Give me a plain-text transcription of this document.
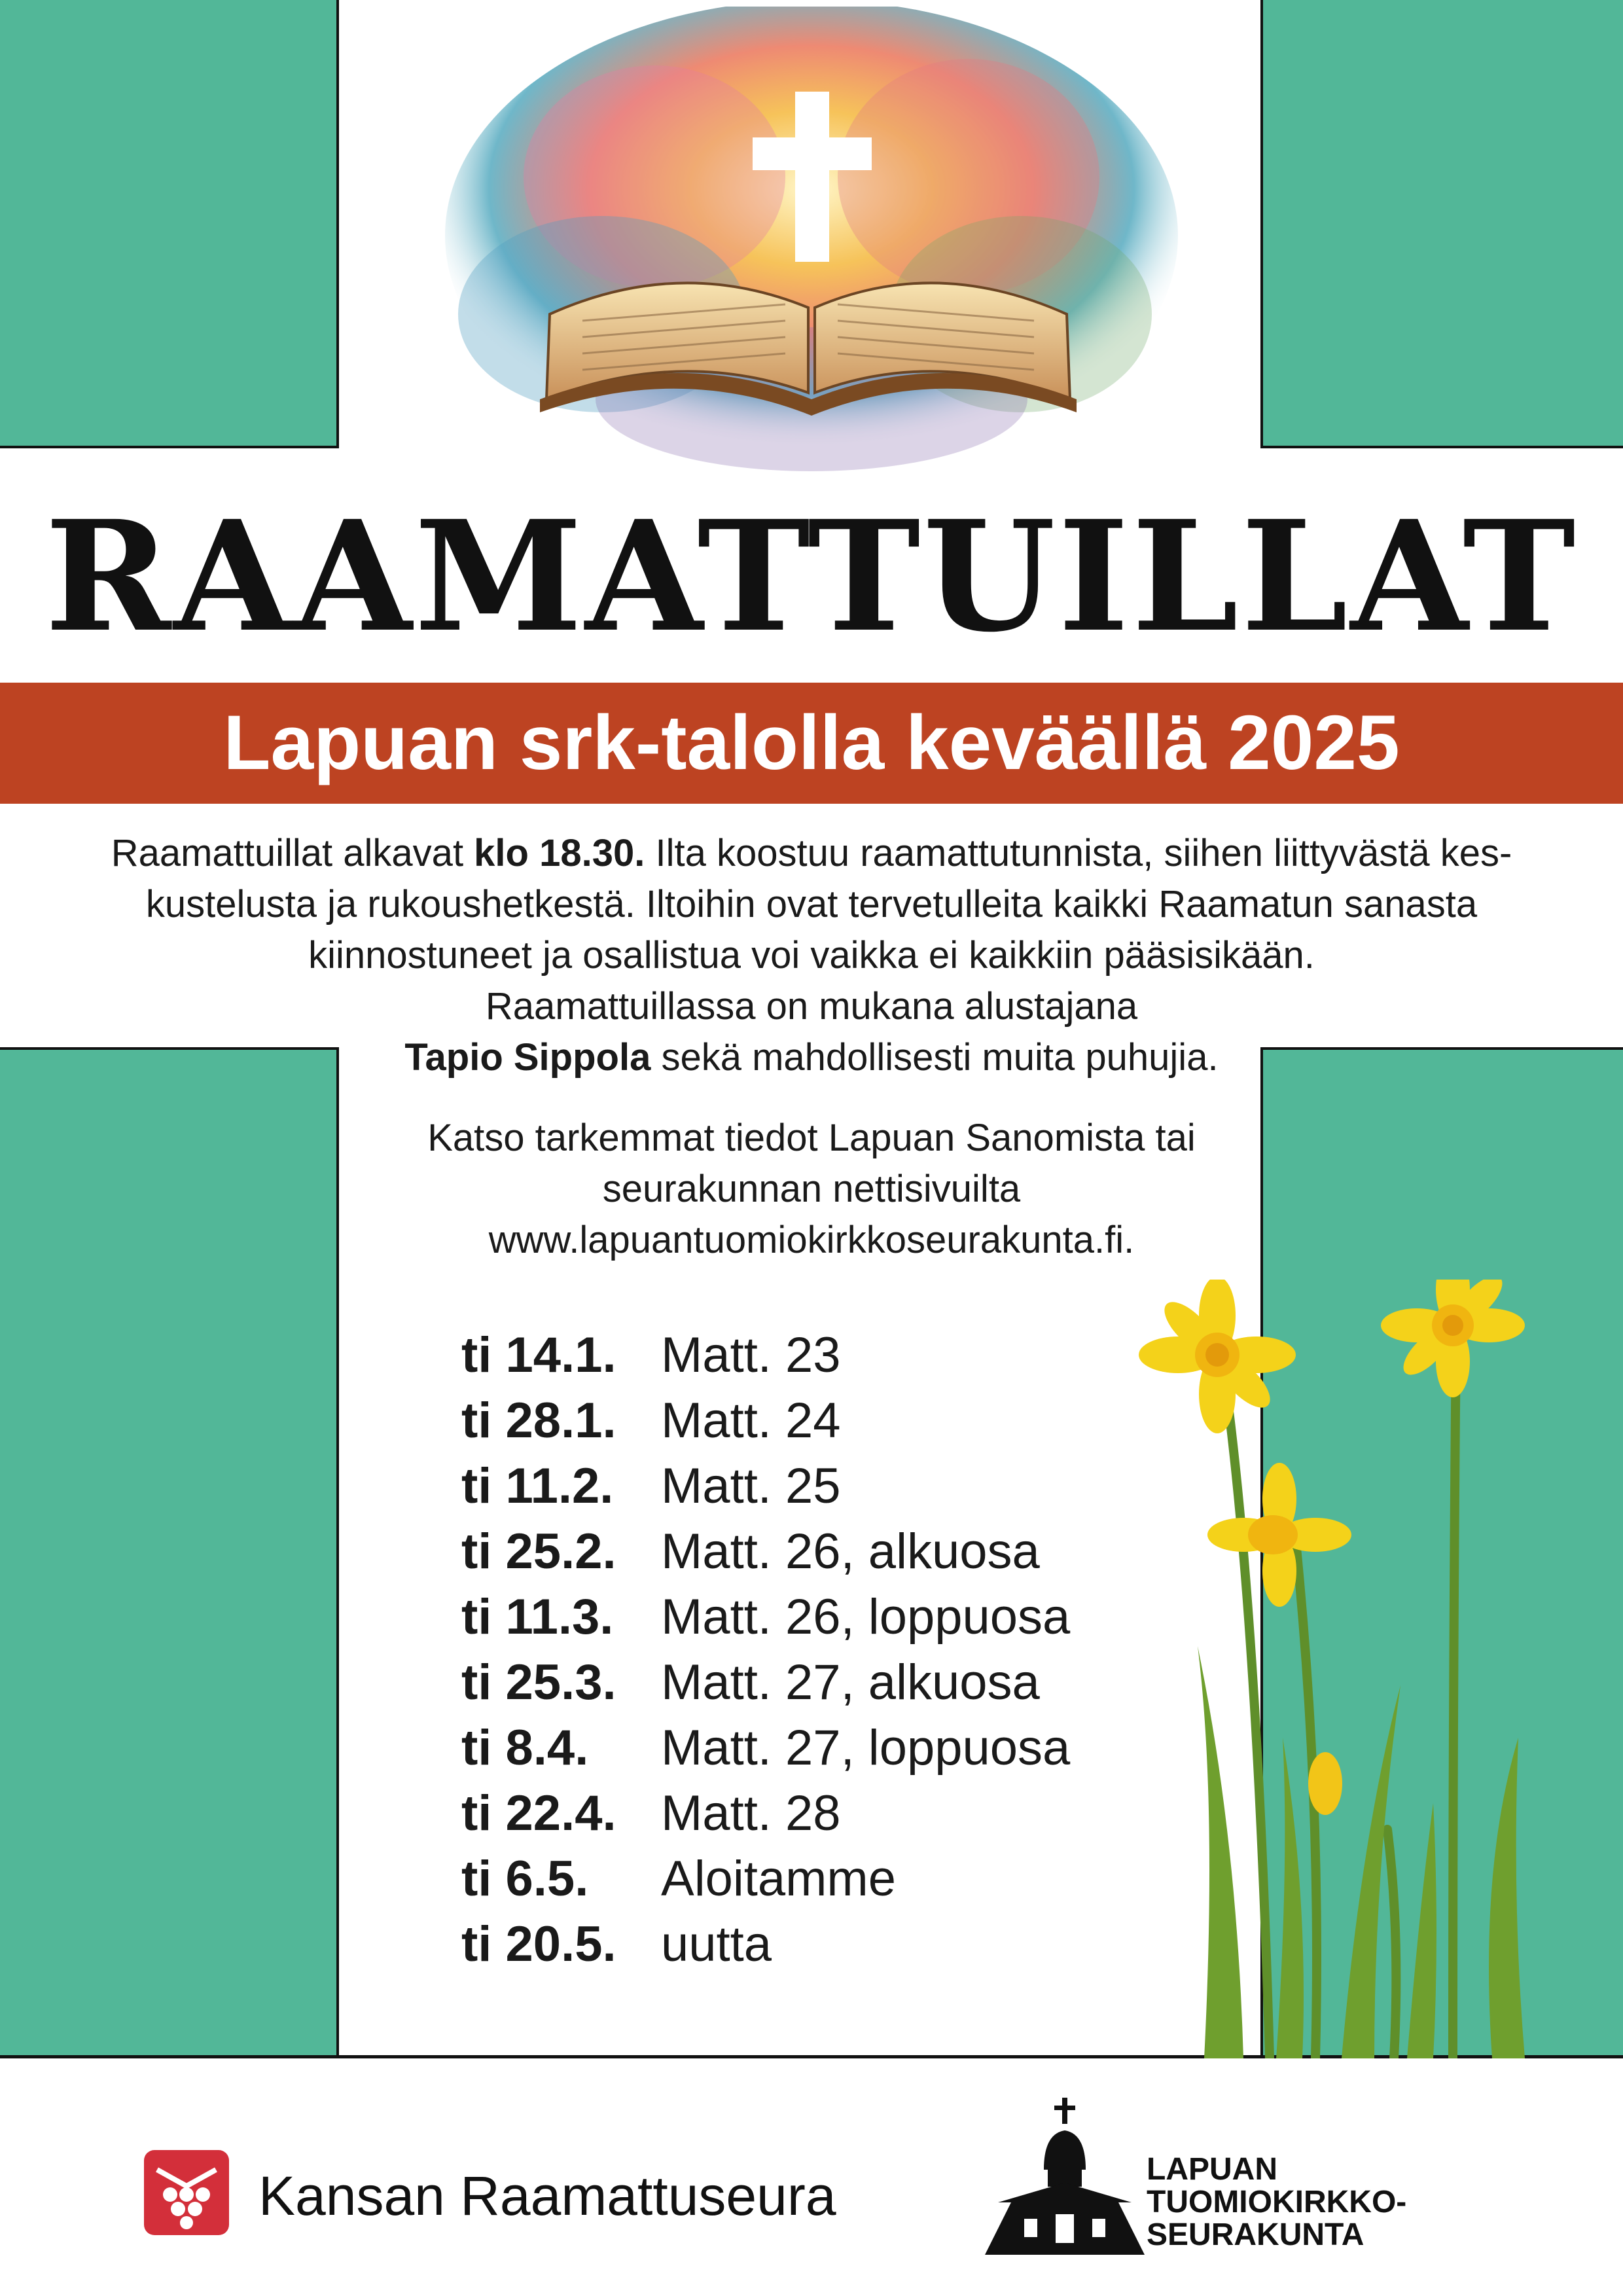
RAAMATTUILLAT
Lapuan srk-talolla keväällä 2025
Raamattuillat alkavat klo 18.30. Ilta koostuu raamattutunnista, siihen liittyvästä kes-
kustelusta ja rukoushetkestä. Iltoihin ovat tervetulleita kaikki Raamatun sanasta
kiinnostuneet ja osallistua voi vaikka ei kaikkiin pääsisikään.
Raamattuillassa on mukana alustajana
Tapio Sippola sekä mahdollisesti muita puhujia.
Katso tarkemmat tiedot Lapuan Sanomista tai
seurakunnan nettisivuilta
www.lapuantuomiokirkkoseurakunta.fi.
ti 14.1. Matt. 23
ti 28.1. Matt. 24
ti 11.2. Matt. 25
ti 25.2. Matt. 26, alkuosa
ti 11.3. Matt. 26, loppuosa
ti 25.3. Matt. 27, alkuosa
ti 8.4.	Matt. 27, loppuosa
ti 22.4. Matt. 28
ti 6.5.	Aloitamme
ti 20.5. uutta
Kansan Raamattuseura	LAPUAN
TUOMIOKIRKKO-
SEURAKUNTA
